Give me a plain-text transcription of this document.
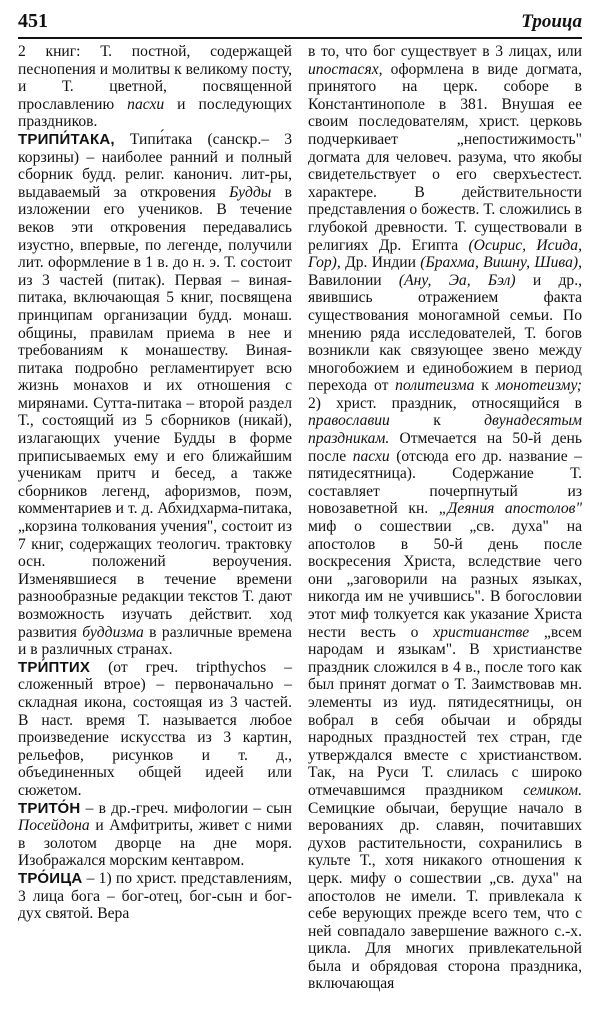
451	Троица

2 книг: Т. постной, содержащей песнопения и молитвы к великому посту, и Т. цветной, посвященной прославлению пасхи и последующих праздников.

ТРИПИ́ТАКА, Типи́така (санскр.– 3 корзины) – наиболее ранний и полный сборник будд. религ. канонич. лит-ры, выдаваемый за откровения Будды в изложении его учеников. В течение веков эти откровения передавались изустно, впервые, по легенде, получили лит. оформление в 1 в. до н. э. Т. состоит из 3 частей (питак). Первая – виная-питака, включающая 5 книг, посвящена принципам организации будд. монаш. общины, правилам приема в нее и требованиям к монашеству. Виная-питака подробно регламентирует всю жизнь монахов и их отношения с мирянами. Сутта-питака – второй раздел Т., состоящий из 5 сборников (никай), излагающих учение Будды в форме приписываемых ему и его ближайшим ученикам притч и бесед, а также сборников легенд, афоризмов, поэм, комментариев и т. д. Абхидхарма-питака, „корзина толкования учения", состоит из 7 книг, содержащих теологич. трактовку осн. положений вероучения. Изменявшиеся в течение времени разнообразные редакции текстов Т. дают возможность изучать действит. ход развития буддизма в различные времена и в различных странах.

ТРИ́ПТИХ (от греч. tripthychos – сложенный втрое) – первоначально – складная икона, состоящая из 3 частей. В наст. время Т. называется любое произведение искусства из 3 картин, рельефов, рисунков и т. д., объединенных общей идеей или сюжетом.

ТРИТО́Н – в др.-греч. мифологии – сын Посейдона и Амфитриты, живет с ними в золотом дворце на дне моря. Изображался морским кентавром.

ТРО́ИЦА – 1) по христ. представлениям, 3 лица бога – бог-отец, бог-сын и бог-дух святой. Вера

в то, что бог существует в 3 лицах, или ипостасях, оформлена в виде догмата, принятого на церк. соборе в Константинополе в 381. Внушая ее своим последователям, христ. церковь подчеркивает „непостижимость" догмата для человеч. разума, что якобы свидетельствует о его сверхъестест. характере. В действительности представления о божеств. Т. сложились в глубокой древности. Т. существовали в религиях Др. Египта (Осирис, Исида, Гор), Др. Индии (Брахма, Вишну, Шива), Вавилонии (Ану, Эа, Бэл) и др., явившись отражением факта существования моногамной семьи. По мнению ряда исследователей, Т. богов возникли как связующее звено между многобожием и единобожием в период перехода от политеизма к монотеизму; 2) христ. праздник, относящийся в православии к двунадесятым праздникам. Отмечается на 50-й день после пасхи (отсюда его др. название – пятидесятница). Содержание Т. составляет почерпнутый из новозаветной кн. „Деяния апостолов" миф о сошествии „св. духа" на апостолов в 50-й день после воскресения Христа, вследствие чего они „заговорили на разных языках, никогда им не учившись". В богословии этот миф толкуется как указание Христа нести весть о христианстве „всем народам и языкам". В христианстве праздник сложился в 4 в., после того как был принят догмат о Т. Заимствовав мн. элементы из иуд. пятидесятницы, он вобрал в себя обычаи и обряды народных праздностей тех стран, где утверждался вместе с христианством. Так, на Руси Т. слилась с широко отмечавшимся праздником семиком. Семицкие обычаи, берущие начало в верованиях др. славян, почитавших духов растительности, сохранились в культе Т., хотя никакого отношения к церк. мифу о сошествии „св. духа" на апостолов не имели. Т. привлекала к себе верующих прежде всего тем, что с ней совпадало завершение важного с.-х. цикла. Для многих привлекательной была и обрядовая сторона праздника, включающая
